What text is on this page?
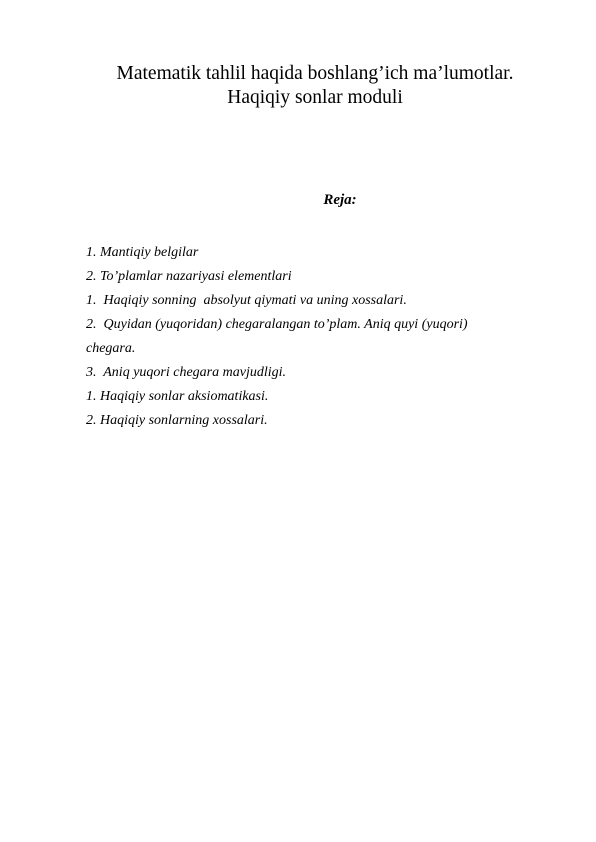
Matematik tahlil haqida boshlang’ich ma’lumotlar.
Haqiqiy sonlar moduli
Reja:
1. Mantiqiy belgilar
2. To’plamlar nazariyasi elementlari
1.  Haqiqiy sonning  absolyut qiymati va uning xossalari.
2.  Quyidan (yuqoridan) chegaralangan to’plam. Aniq quyi (yuqori)
chegara.
3.  Aniq yuqori chegara mavjudligi.
1. Haqiqiy sonlar aksiomatikasi.
2. Haqiqiy sonlarning xossalari.
